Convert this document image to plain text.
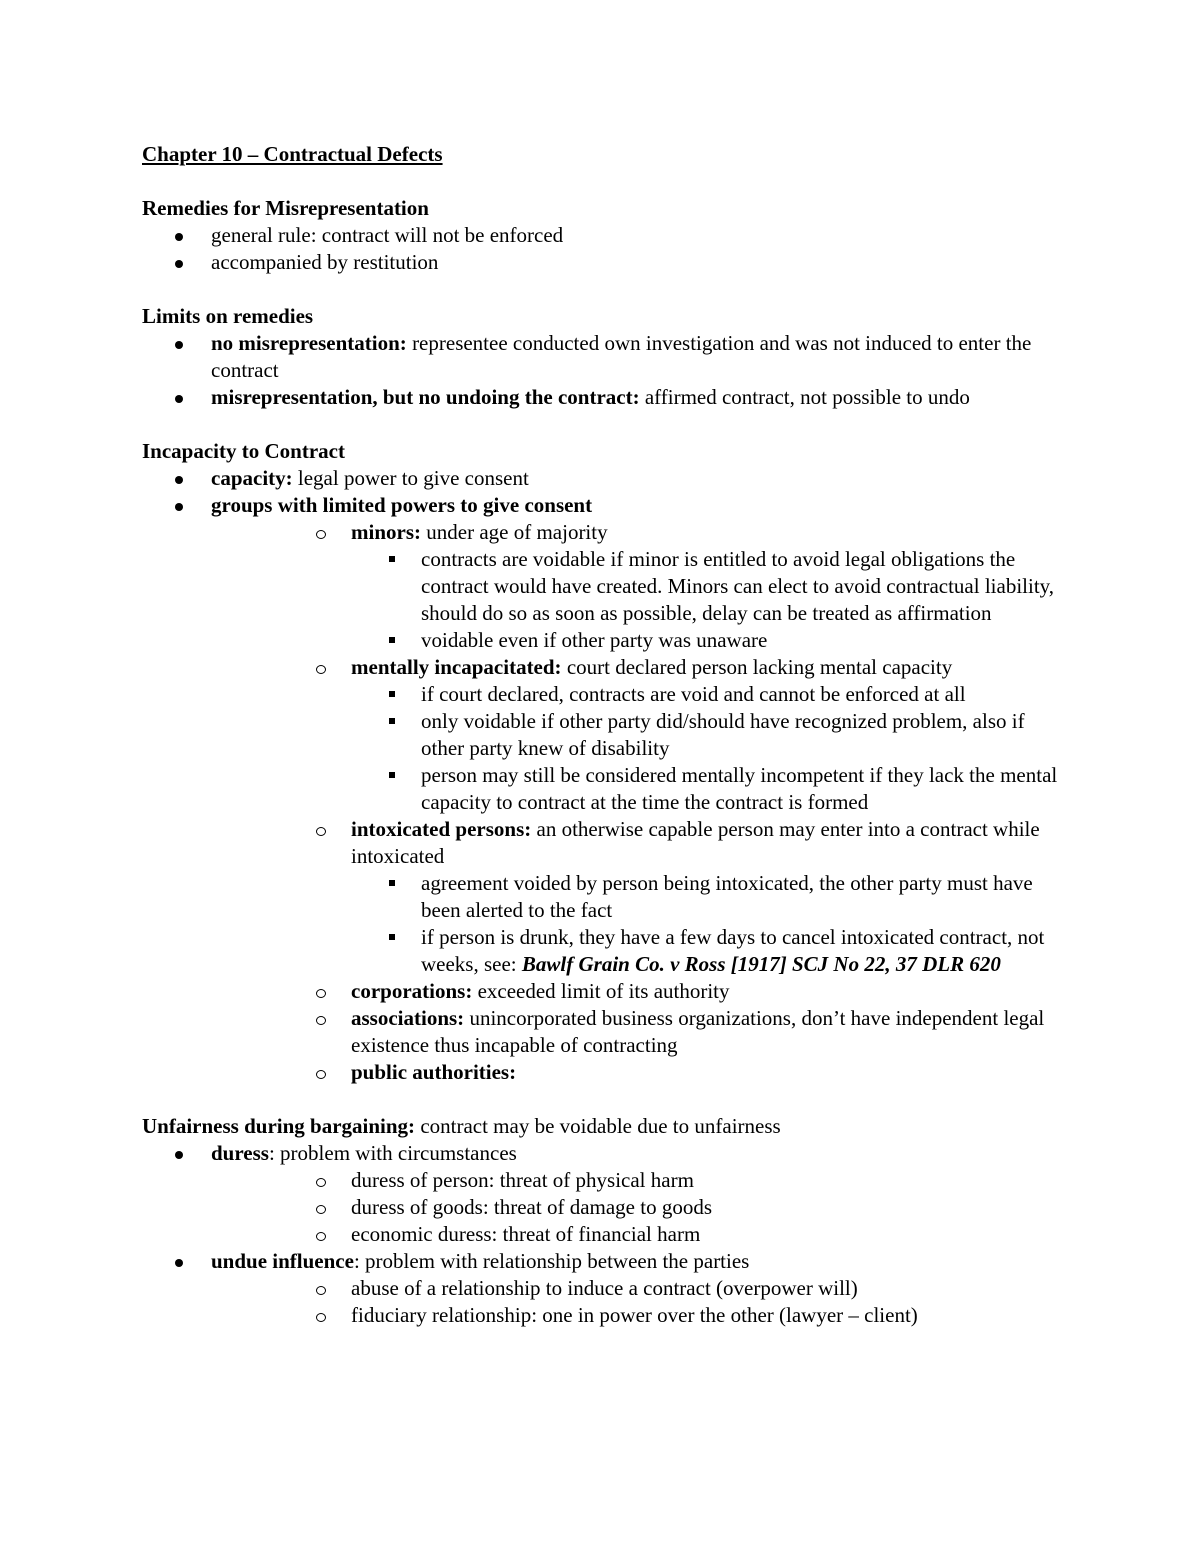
Chapter 10 – Contractual Defects

Remedies for Misrepresentation

general rule: contract will not be enforced
accompanied by restitution

Limits on remedies

no misrepresentation: representee conducted own investigation and was not induced to enter the contract
misrepresentation, but no undoing the contract: affirmed contract, not possible to undo

Incapacity to Contract

capacity: legal power to give consent
groups with limited powers to give consent
minors: under age of majority
contracts are voidable if minor is entitled to avoid legal obligations the contract would have created. Minors can elect to avoid contractual liability, should do so as soon as possible, delay can be treated as affirmation
voidable even if other party was unaware
mentally incapacitated: court declared person lacking mental capacity
if court declared, contracts are void and cannot be enforced at all
only voidable if other party did/should have recognized problem, also if other party knew of disability
person may still be considered mentally incompetent if they lack the mental capacity to contract at the time the contract is formed
intoxicated persons: an otherwise capable person may enter into a contract while intoxicated
agreement voided by person being intoxicated, the other party must have been alerted to the fact
if person is drunk, they have a few days to cancel intoxicated contract, not weeks, see: Bawlf Grain Co. v Ross [1917] SCJ No 22, 37 DLR 620
corporations: exceeded limit of its authority
associations: unincorporated business organizations, don’t have independent legal existence thus incapable of contracting
public authorities:

Unfairness during bargaining: contract may be voidable due to unfairness

duress: problem with circumstances
duress of person: threat of physical harm
duress of goods: threat of damage to goods
economic duress: threat of financial harm
undue influence: problem with relationship between the parties
abuse of a relationship to induce a contract (overpower will)
fiduciary relationship: one in power over the other (lawyer – client)
